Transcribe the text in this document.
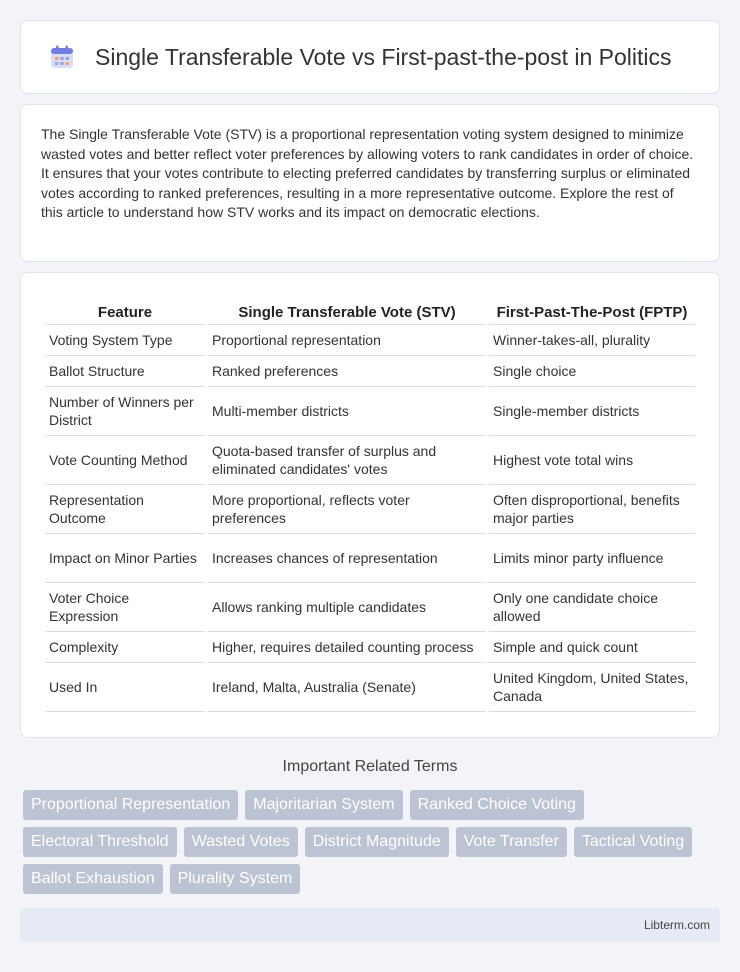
Single Transferable Vote vs First-past-the-post in Politics

The Single Transferable Vote (STV) is a proportional representation voting system designed to minimize wasted votes and better reflect voter preferences by allowing voters to rank candidates in order of choice. It ensures that your votes contribute to electing preferred candidates by transferring surplus or eliminated votes according to ranked preferences, resulting in a more representative outcome. Explore the rest of this article to understand how STV works and its impact on democratic elections.

Feature	Single Transferable Vote (STV)	First-Past-The-Post (FPTP)
Voting System Type	Proportional representation	Winner-takes-all, plurality
Ballot Structure	Ranked preferences	Single choice
Number of Winners per District	Multi-member districts	Single-member districts
Vote Counting Method	Quota-based transfer of surplus and eliminated candidates' votes	Highest vote total wins
Representation Outcome	More proportional, reflects voter preferences	Often disproportional, benefits major parties
Impact on Minor Parties	Increases chances of representation	Limits minor party influence
Voter Choice Expression	Allows ranking multiple candidates	Only one candidate choice allowed
Complexity	Higher, requires detailed counting process	Simple and quick count
Used In	Ireland, Malta, Australia (Senate)	United Kingdom, United States, Canada
Important Related Terms
Proportional Representation	Majoritarian System	Ranked Choice Voting
Electoral Threshold	Wasted Votes	District Magnitude	Vote Transfer	Tactical Voting
Ballot Exhaustion	Plurality System
Libterm.com
